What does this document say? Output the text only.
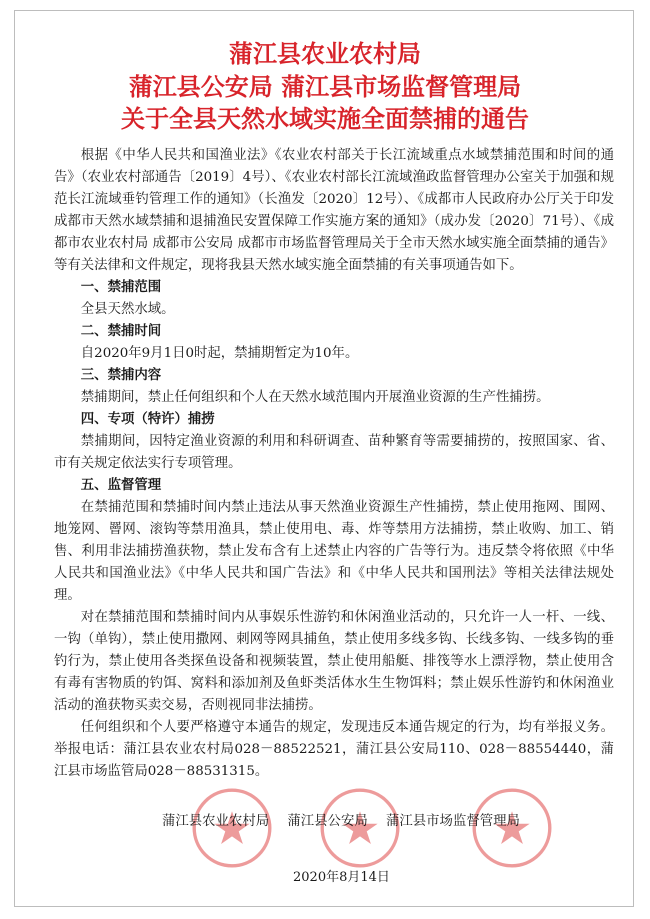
蒲江县农业农村局
蒲江县公安局 蒲江县市场监督管理局
关于全县天然水域实施全面禁捕的通告

根据《中华人民共和国渔业法》《农业农村部关于长江流域重点水域禁捕范围和时间的通告》（农业农村部通告〔2019〕4号）、《农业农村部长江流域渔政监督管理办公室关于加强和规范长江流域垂钓管理工作的通知》（长渔发〔2020〕12号）、《成都市人民政府办公厅关于印发成都市天然水域禁捕和退捕渔民安置保障工作实施方案的通知》（成办发〔2020〕71号）、《成都市农业农村局 成都市公安局 成都市市场监督管理局关于全市天然水域实施全面禁捕的通告》等有关法律和文件规定，现将我县天然水域实施全面禁捕的有关事项通告如下。

一、禁捕范围

全县天然水域。

二、禁捕时间

自2020年9月1日0时起，禁捕期暂定为10年。

三、禁捕内容

禁捕期间，禁止任何组织和个人在天然水域范围内开展渔业资源的生产性捕捞。

四、专项（特许）捕捞

禁捕期间，因特定渔业资源的利用和科研调查、苗种繁育等需要捕捞的，按照国家、省、市有关规定依法实行专项管理。

五、监督管理

在禁捕范围和禁捕时间内禁止违法从事天然渔业资源生产性捕捞，禁止使用拖网、围网、地笼网、罾网、滚钩等禁用渔具，禁止使用电、毒、炸等禁用方法捕捞，禁止收购、加工、销售、利用非法捕捞渔获物，禁止发布含有上述禁止内容的广告等行为。违反禁令将依照《中华人民共和国渔业法》《中华人民共和国广告法》和《中华人民共和国刑法》等相关法律法规处理。

对在禁捕范围和禁捕时间内从事娱乐性游钓和休闲渔业活动的，只允许一人一杆、一线、一钩（单钩），禁止使用撒网、刺网等网具捕鱼，禁止使用多线多钩、长线多钩、一线多钩的垂钓行为，禁止使用各类探鱼设备和视频装置，禁止使用船艇、排筏等水上漂浮物，禁止使用含有毒有害物质的钓饵、窝料和添加剂及鱼虾类活体水生生物饵料；禁止娱乐性游钓和休闲渔业活动的渔获物买卖交易，否则视同非法捕捞。

任何组织和个人要严格遵守本通告的规定，发现违反本通告规定的行为，均有举报义务。举报电话：蒲江县农业农村局028－88522521，蒲江县公安局110、028－88554440，蒲江县市场监管局028－88531315。

蒲江县农业农村局 蒲江县公安局 蒲江县市场监督管理局
2020年8月14日
